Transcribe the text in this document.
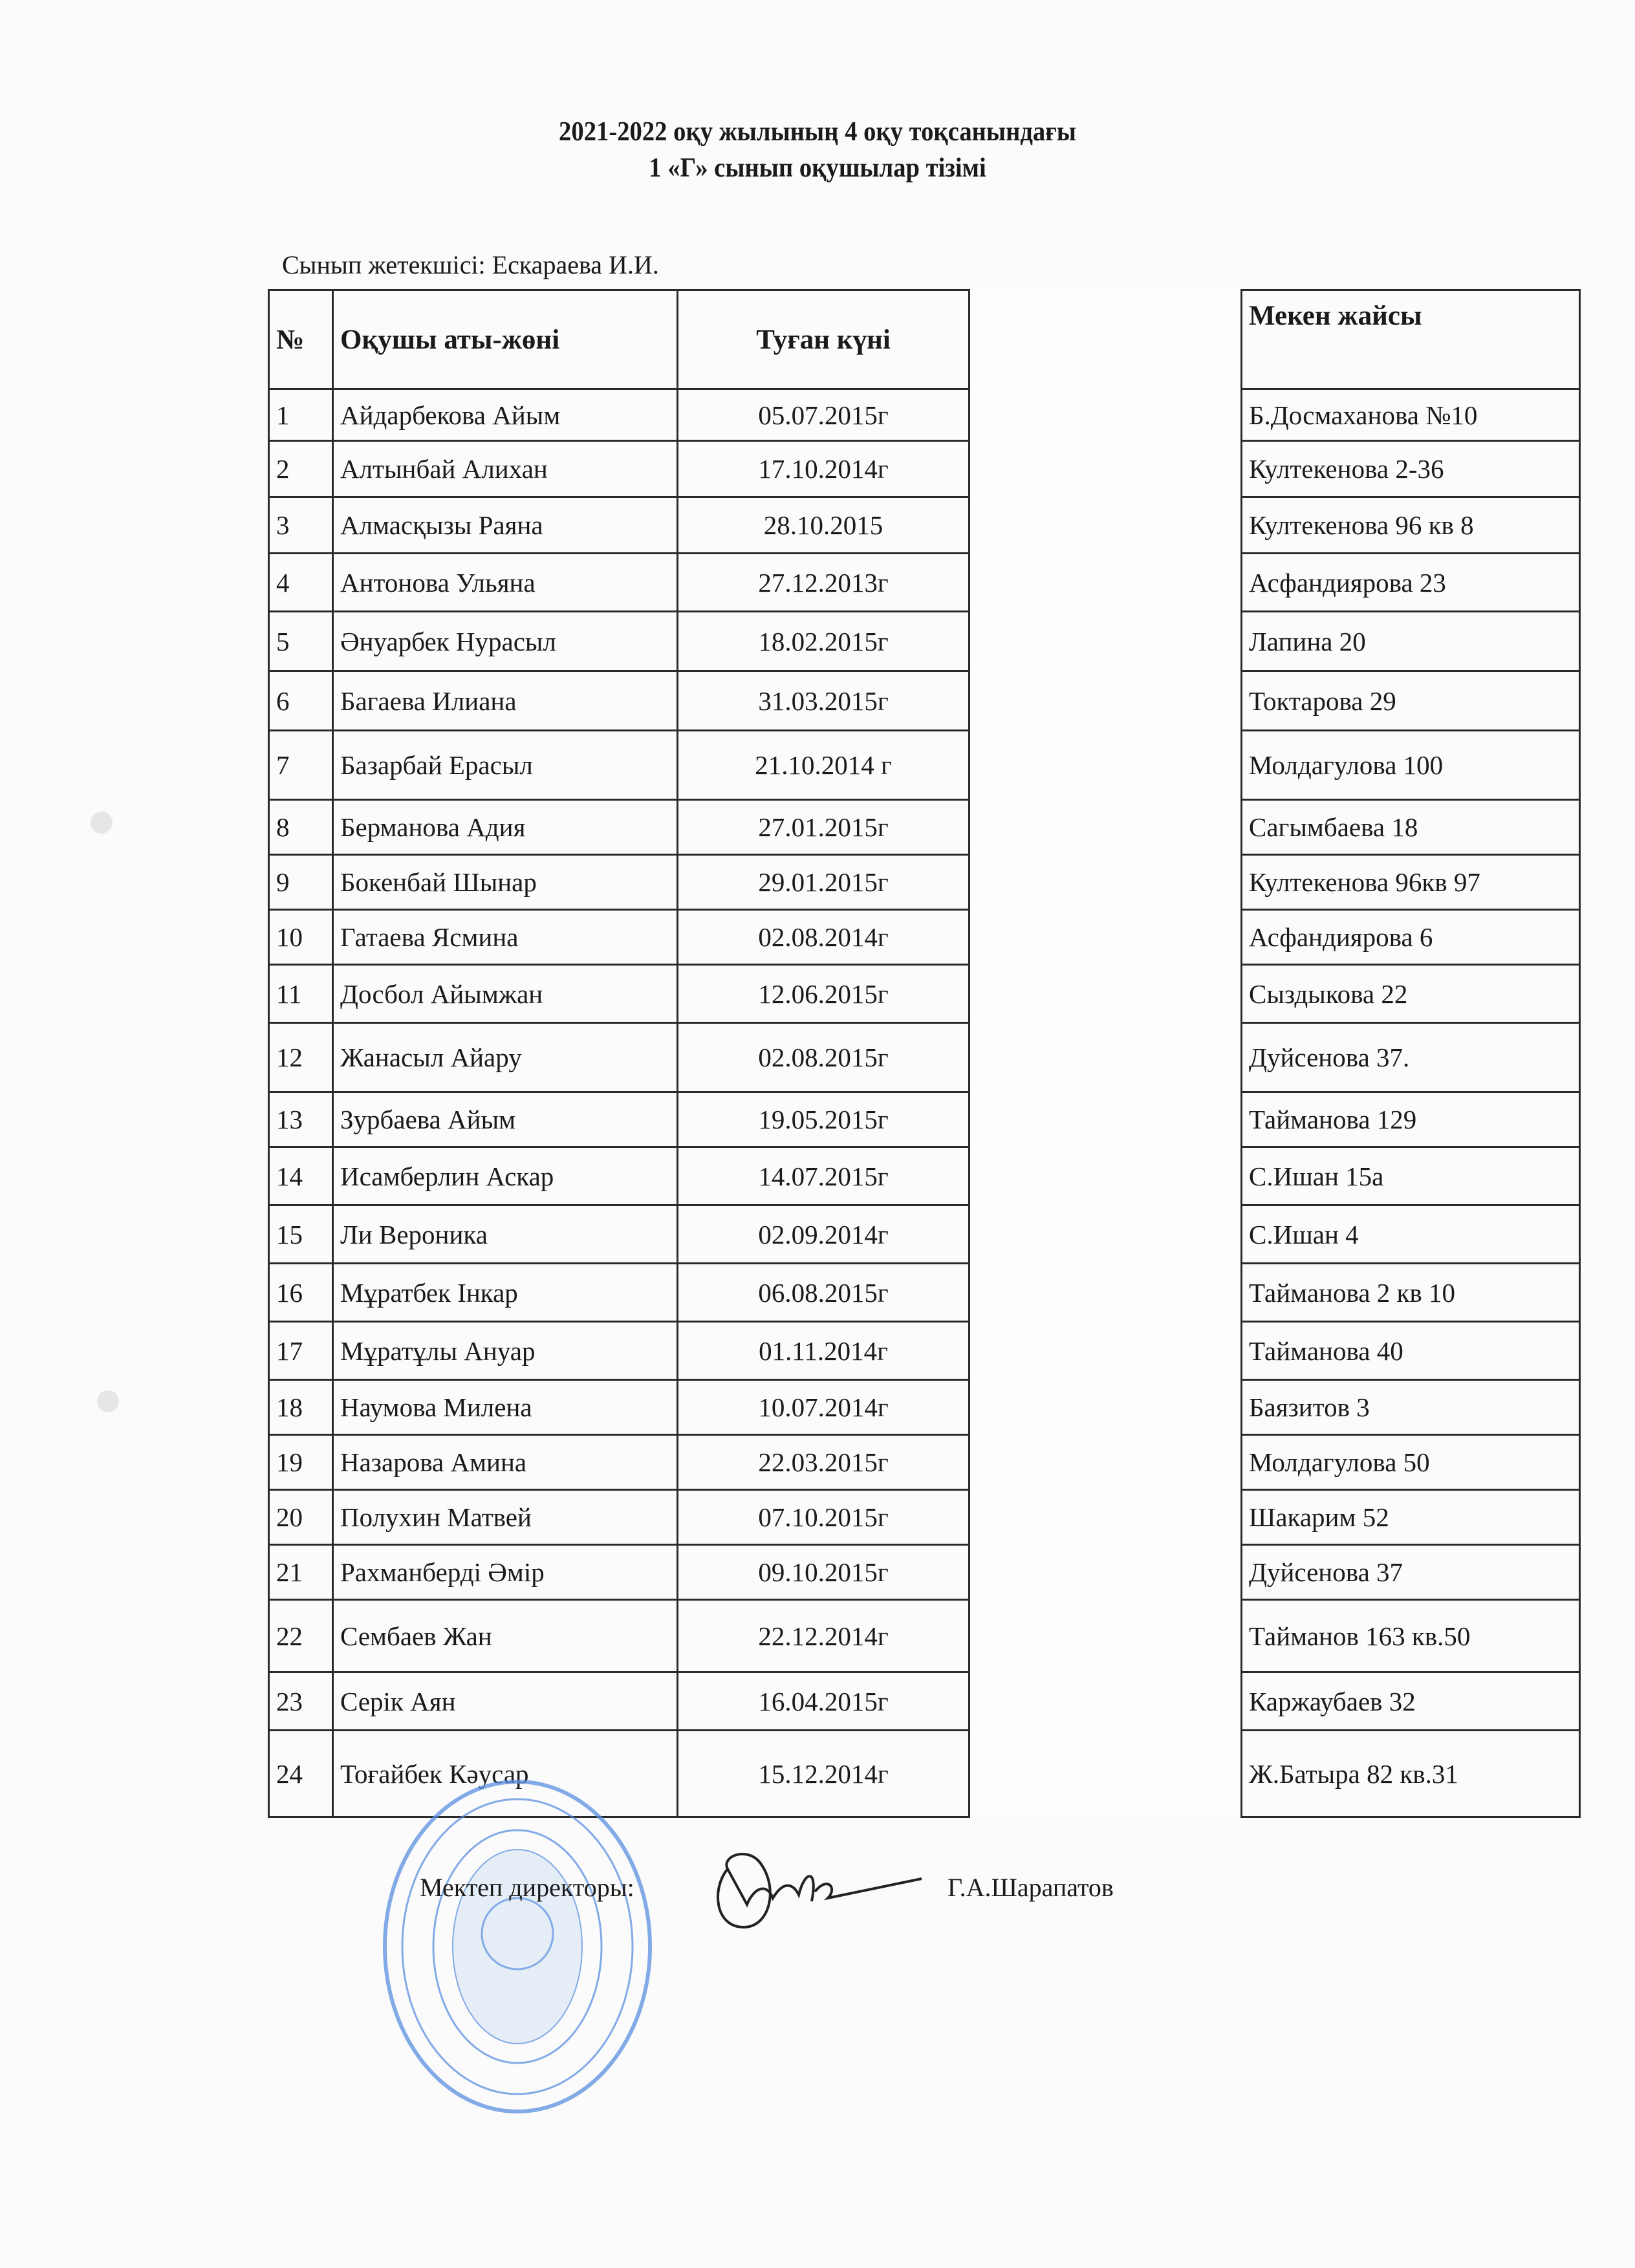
2021-2022 оқу жылының 4 оқу тоқсанындағы
1 «Г» сынып оқушылар тізімі
Сынып жетекшісі: Ескараева И.И.
№	Оқушы аты-жөні	Туған күні		Мекен жайсы
1	Айдарбекова Айым	05.07.2015г		Б.Досмаханова №10
2	Алтынбай Алихан	17.10.2014г		Култекенова 2-36
3	Алмасқызы Раяна	28.10.2015		Култекенова 96 кв 8
4	Антонова Ульяна	27.12.2013г		Асфандиярова 23
5	Әнуарбек Нурасыл	18.02.2015г		Лапина 20
6	Багаева Илиана	31.03.2015г		Токтарова 29
7	Базарбай Ерасыл	21.10.2014 г		Молдагулова 100
8	Берманова Адия	27.01.2015г		Сагымбаева 18
9	Бокенбай Шынар	29.01.2015г		Култекенова 96кв 97
10	Гатаева Ясмина	02.08.2014г		Асфандиярова 6
11	Досбол Айымжан	12.06.2015г		Сыздыкова 22
12	Жанасыл Айару	02.08.2015г		Дуйсенова 37.
13	Зурбаева Айым	19.05.2015г		Тайманова 129
14	Исамберлин Аскар	14.07.2015г		С.Ишан 15а
15	Ли Вероника	02.09.2014г		С.Ишан 4
16	Мұратбек Інкар	06.08.2015г		Тайманова 2 кв 10
17	Мұратұлы Ануар	01.11.2014г		Тайманова 40
18	Наумова Милена	10.07.2014г		Баязитов 3
19	Назарова Амина	22.03.2015г		Молдагулова 50
20	Полухин Матвей	07.10.2015г		Шакарим 52
21	Рахманберді Әмір	09.10.2015г		Дуйсенова 37
22	Сембаев Жан	22.12.2014г		Тайманов 163 кв.50
23	Серік Аян	16.04.2015г		Каржаубаев 32
24	Тоғайбек Кәусар	15.12.2014г		Ж.Батыра 82 кв.31
Мектеп директоры:	Г.А.Шарапатов
